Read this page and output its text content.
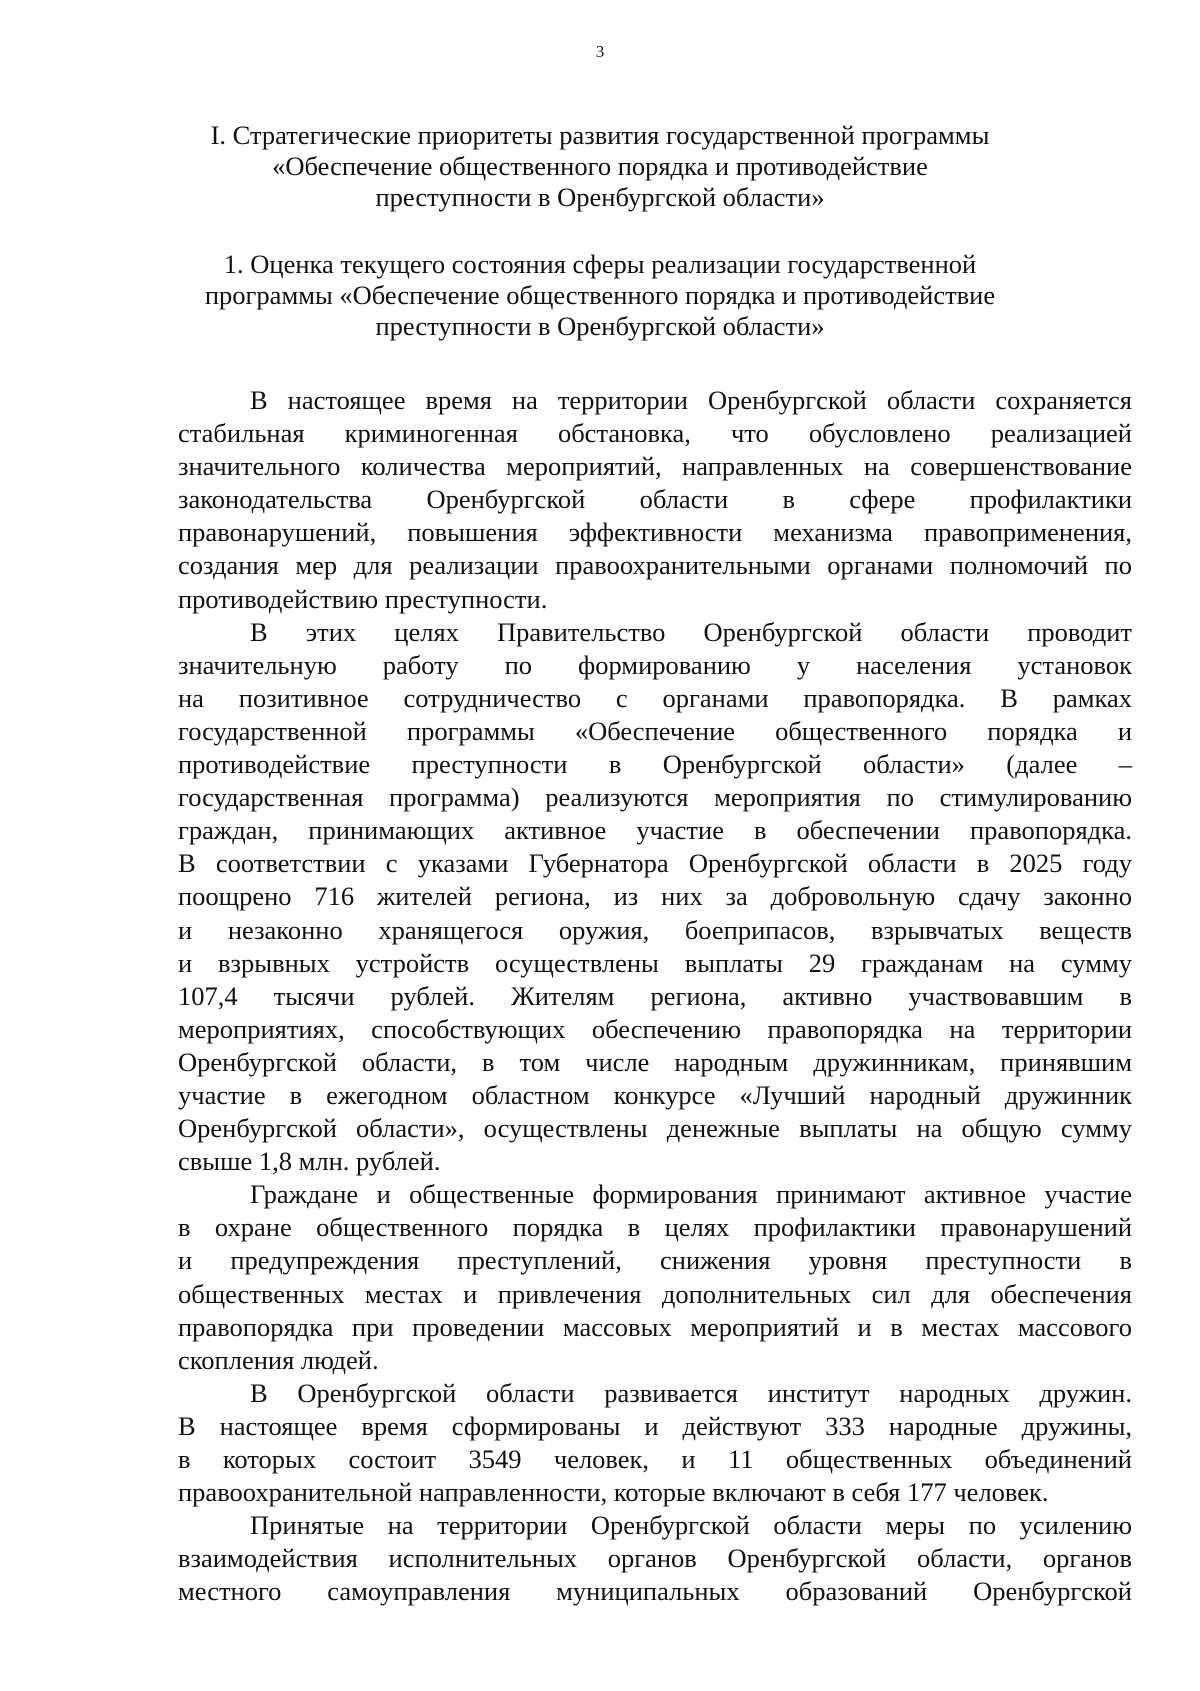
3
I. Стратегические приоритеты развития государственной программы
«Обеспечение общественного порядка и противодействие
преступности в Оренбургской области»
1. Оценка текущего состояния сферы реализации государственной
программы «Обеспечение общественного порядка и противодействие
преступности в Оренбургской области»
В настоящее время на территории Оренбургской области сохраняется
стабильная криминогенная обстановка, что обусловлено реализацией
значительного количества мероприятий, направленных на совершенствование
законодательства Оренбургской области в сфере профилактики
правонарушений, повышения эффективности механизма правоприменения,
создания мер для реализации правоохранительными органами полномочий по
противодействию преступности.
В этих целях Правительство Оренбургской области проводит
значительную работу по формированию у населения установок
на позитивное сотрудничество с органами правопорядка. В рамках
государственной программы «Обеспечение общественного порядка и
противодействие преступности в Оренбургской области» (далее –
государственная программа) реализуются мероприятия по стимулированию
граждан, принимающих активное участие в обеспечении правопорядка.
В соответствии с указами Губернатора Оренбургской области в 2025 году
поощрено 716 жителей региона, из них за добровольную сдачу законно
и незаконно хранящегося оружия, боеприпасов, взрывчатых веществ
и взрывных устройств осуществлены выплаты 29 гражданам на сумму
107,4 тысячи рублей. Жителям региона, активно участвовавшим в
мероприятиях, способствующих обеспечению правопорядка на территории
Оренбургской области, в том числе народным дружинникам, принявшим
участие в ежегодном областном конкурсе «Лучший народный дружинник
Оренбургской области», осуществлены денежные выплаты на общую сумму
свыше 1,8 млн. рублей.
Граждане и общественные формирования принимают активное участие
в охране общественного порядка в целях профилактики правонарушений
и предупреждения преступлений, снижения уровня преступности в
общественных местах и привлечения дополнительных сил для обеспечения
правопорядка при проведении массовых мероприятий и в местах массового
скопления людей.
В Оренбургской области развивается институт народных дружин.
В настоящее время сформированы и действуют 333 народные дружины,
в которых состоит 3549 человек, и 11 общественных объединений
правоохранительной направленности, которые включают в себя 177 человек.
Принятые на территории Оренбургской области меры по усилению
взаимодействия исполнительных органов Оренбургской области, органов
местного самоуправления муниципальных образований Оренбургской
